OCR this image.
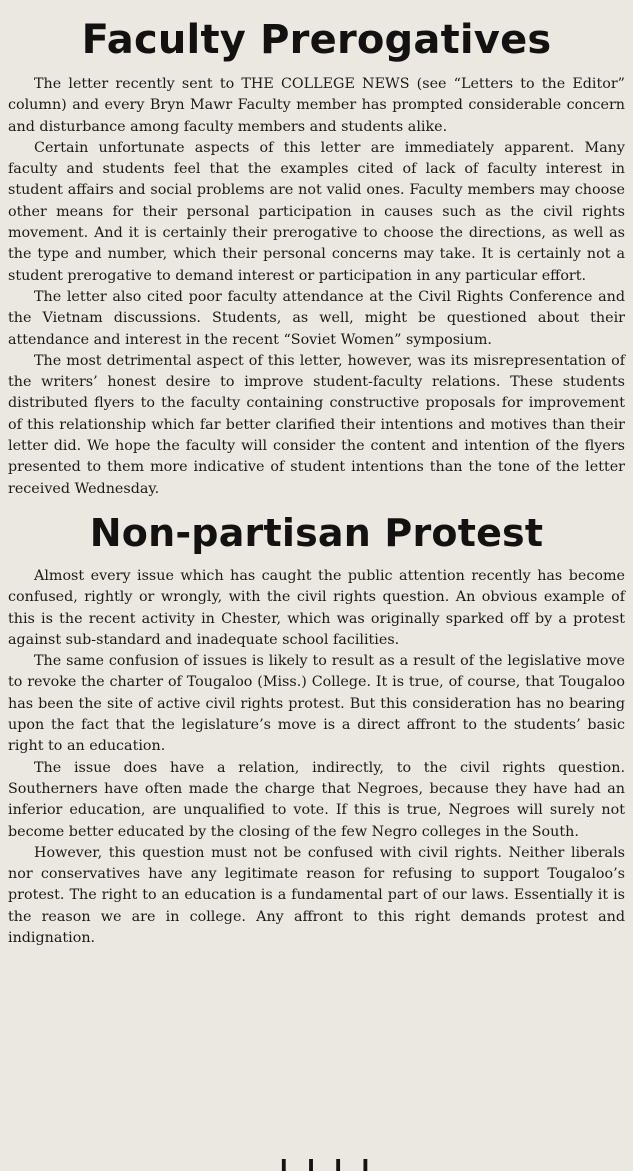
Faculty Prerogatives

The letter recently sent to THE COLLEGE NEWS (see “Letters to the Editor” column) and every Bryn Mawr Faculty member has prompted considerable concern and disturbance among faculty members and students alike.

Certain unfortunate aspects of this letter are immediately apparent. Many faculty and students feel that the examples cited of lack of faculty interest in student affairs and social problems are not valid ones. Faculty members may choose other means for their personal participation in causes such as the civil rights movement. And it is certainly their prerogative to choose the directions, as well as the type and number, which their personal concerns may take. It is certainly not a student prerogative to demand interest or participation in any particular effort.

The letter also cited poor faculty attendance at the Civil Rights Conference and the Vietnam discussions. Students, as well, might be questioned about their attendance and interest in the recent “Soviet Women” symposium.

The most detrimental aspect of this letter, however, was its misrepresentation of the writers’ honest desire to improve student-faculty relations. These students distributed flyers to the faculty containing constructive proposals for improvement of this relationship which far better clarified their intentions and motives than their letter did. We hope the faculty will consider the content and intention of the flyers presented to them more indicative of student intentions than the tone of the letter received Wednesday.

Non-partisan Protest

Almost every issue which has caught the public attention recently has become confused, rightly or wrongly, with the civil rights question. An obvious example of this is the recent activity in Chester, which was originally sparked off by a protest against sub-standard and inadequate school facilities.

The same confusion of issues is likely to result as a result of the legislative move to revoke the charter of Tougaloo (Miss.) College. It is true, of course, that Tougaloo has been the site of active civil rights protest. But this consideration has no bearing upon the fact that the legislature’s move is a direct affront to the students’ basic right to an education.

The issue does have a relation, indirectly, to the civil rights question. Southerners have often made the charge that Negroes, because they have had an inferior education, are unqualified to vote. If this is true, Negroes will surely not become better educated by the closing of the few Negro colleges in the South.

However, this question must not be confused with civil rights. Neither liberals nor conservatives have any legitimate reason for refusing to support Tougaloo’s protest. The right to an education is a fundamental part of our laws. Essentially it is the reason we are in college. Any affront to this right demands protest and indignation.

ı ı ı ı
